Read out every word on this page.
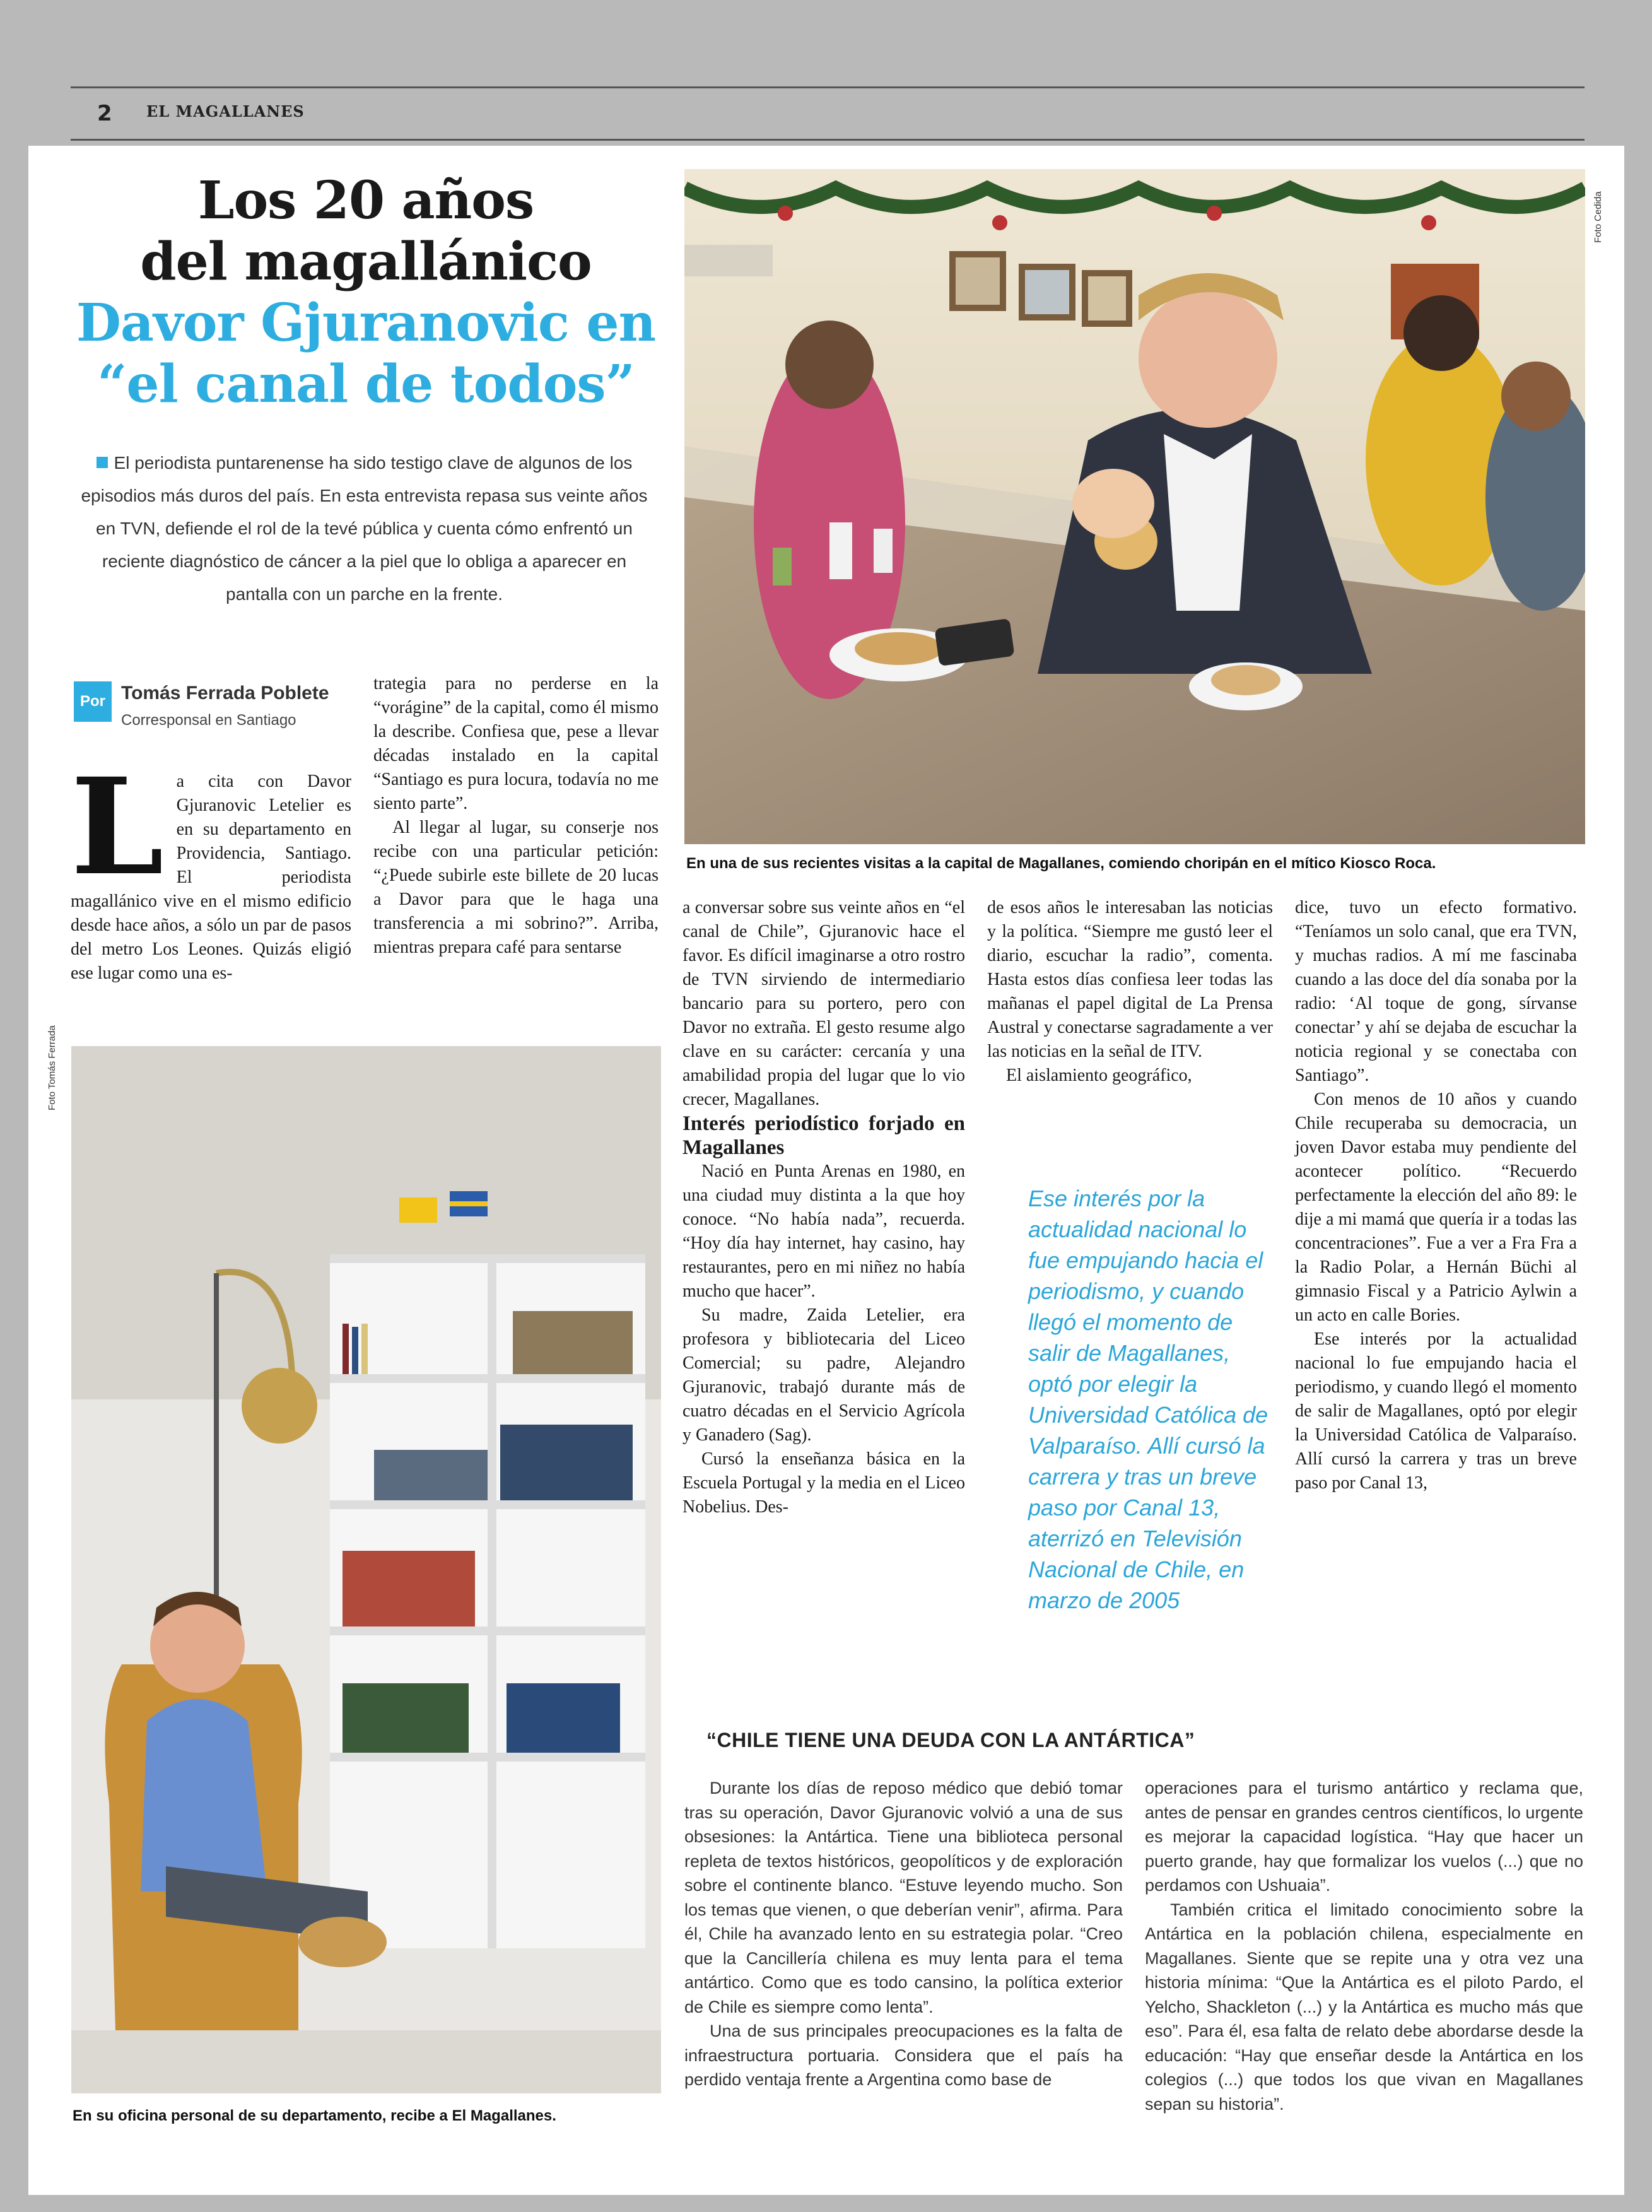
2 EL MAGALLANES
Los 20 años
del magallánico
Davor Gjuranovic en
“el canal de todos”
El periodista puntarenense ha sido testigo clave de algunos de los episodios más duros del país. En esta entrevista repasa sus veinte años en TVN, defiende el rol de la tevé pública y cuenta cómo enfrentó un reciente diagnóstico de cáncer a la piel que lo obliga a aparecer en pantalla con un parche en la frente.
Por Tomás Ferrada Poblete
Corresponsal en Santiago
Foto Cedida
En una de sus recientes visitas a la capital de Magallanes, comiendo choripán en el mítico Kiosco Roca.
Foto Tomás Ferrada
En su oficina personal de su departamento, recibe a El Magallanes.
L a cita con Davor Gjuranovic Letelier es en su departamento en Providencia, Santiago. El periodista magallánico vive en el mismo edificio desde hace años, a sólo un par de pasos del metro Los Leones. Quizás eligió ese lugar como una es-

trategia para no perderse en la “vorágine” de la capital, como él mismo la describe. Confiesa que, pese a llevar décadas instalado en la capital “Santiago es pura locura, todavía no me siento parte”.

Al llegar al lugar, su conserje nos recibe con una particular petición: “¿Puede subirle este billete de 20 lucas a Davor para que le haga una transferencia a mi sobrino?”. Arriba, mientras prepara café para sentarse

a conversar sobre sus veinte años en “el canal de Chile”, Gjuranovic hace el favor. Es difícil imaginarse a otro rostro de TVN sirviendo de intermediario bancario para su portero, pero con Davor no extraña. El gesto resume algo clave en su carácter: cercanía y una amabilidad propia del lugar que lo vio crecer, Magallanes.

Interés periodístico forjado en Magallanes

Nació en Punta Arenas en 1980, en una ciudad muy distinta a la que hoy conoce. “No había nada”, recuerda. “Hoy día hay internet, hay casino, hay restaurantes, pero en mi niñez no había mucho que hacer”.

Su madre, Zaida Letelier, era profesora y bibliotecaria del Liceo Comercial; su padre, Alejandro Gjuranovic, trabajó durante más de cuatro décadas en el Servicio Agrícola y Ganadero (Sag).

Cursó la enseñanza básica en la Escuela Portugal y la media en el Liceo Nobelius. Des-

de esos años le interesaban las noticias y la política. “Siempre me gustó leer el diario, escuchar la radio”, comenta. Hasta estos días confiesa leer todas las mañanas el papel digital de La Prensa Austral y conectarse sagradamente a ver las noticias en la señal de ITV.

El aislamiento geográfico,

Ese interés por la actualidad nacional lo fue empujando hacia el periodismo, y cuando llegó el momento de salir de Magallanes, optó por elegir la Universidad Católica de Valparaíso. Allí cursó la carrera y tras un breve paso por Canal 13, aterrizó en Televisión Nacional de Chile, en marzo de 2005

dice, tuvo un efecto formativo. “Teníamos un solo canal, que era TVN, y muchas radios. A mí me fascinaba cuando a las doce del día sonaba por la radio: ‘Al toque de gong, sírvanse conectar’ y ahí se dejaba de escuchar la noticia regional y se conectaba con Santiago”.

Con menos de 10 años y cuando Chile recuperaba su democracia, un joven Davor estaba muy pendiente del acontecer político. “Recuerdo perfectamente la elección del año 89: le dije a mi mamá que quería ir a todas las concentraciones”. Fue a ver a Fra Fra a la Radio Polar, a Hernán Büchi al gimnasio Fiscal y a Patricio Aylwin a un acto en calle Bories.

Ese interés por la actualidad nacional lo fue empujando hacia el periodismo, y cuando llegó el momento de salir de Magallanes, optó por elegir la Universidad Católica de Valparaíso. Allí cursó la carrera y tras un breve paso por Canal 13,

“CHILE TIENE UNA DEUDA CON LA ANTÁRTICA”

Durante los días de reposo médico que debió tomar tras su operación, Davor Gjuranovic volvió a una de sus obsesiones: la Antártica. Tiene una biblioteca personal repleta de textos históricos, geopolíticos y de exploración sobre el continente blanco. “Estuve leyendo mucho. Son los temas que vienen, o que deberían venir”, afirma. Para él, Chile ha avanzado lento en su estrategia polar. “Creo que la Cancillería chilena es muy lenta para el tema antártico. Como que es todo cansino, la política exterior de Chile es siempre como lenta”.

Una de sus principales preocupaciones es la falta de infraestructura portuaria. Considera que el país ha perdido ventaja frente a Argentina como base de

operaciones para el turismo antártico y reclama que, antes de pensar en grandes centros científicos, lo urgente es mejorar la capacidad logística. “Hay que hacer un puerto grande, hay que formalizar los vuelos (...) que no perdamos con Ushuaia”.

También critica el limitado conocimiento sobre la Antártica en la población chilena, especialmente en Magallanes. Siente que se repite una y otra vez una historia mínima: “Que la Antártica es el piloto Pardo, el Yelcho, Shackleton (...) y la Antártica es mucho más que eso”. Para él, esa falta de relato debe abordarse desde la educación: “Hay que enseñar desde la Antártica en los colegios (...) que todos los que vivan en Magallanes sepan su historia”.
